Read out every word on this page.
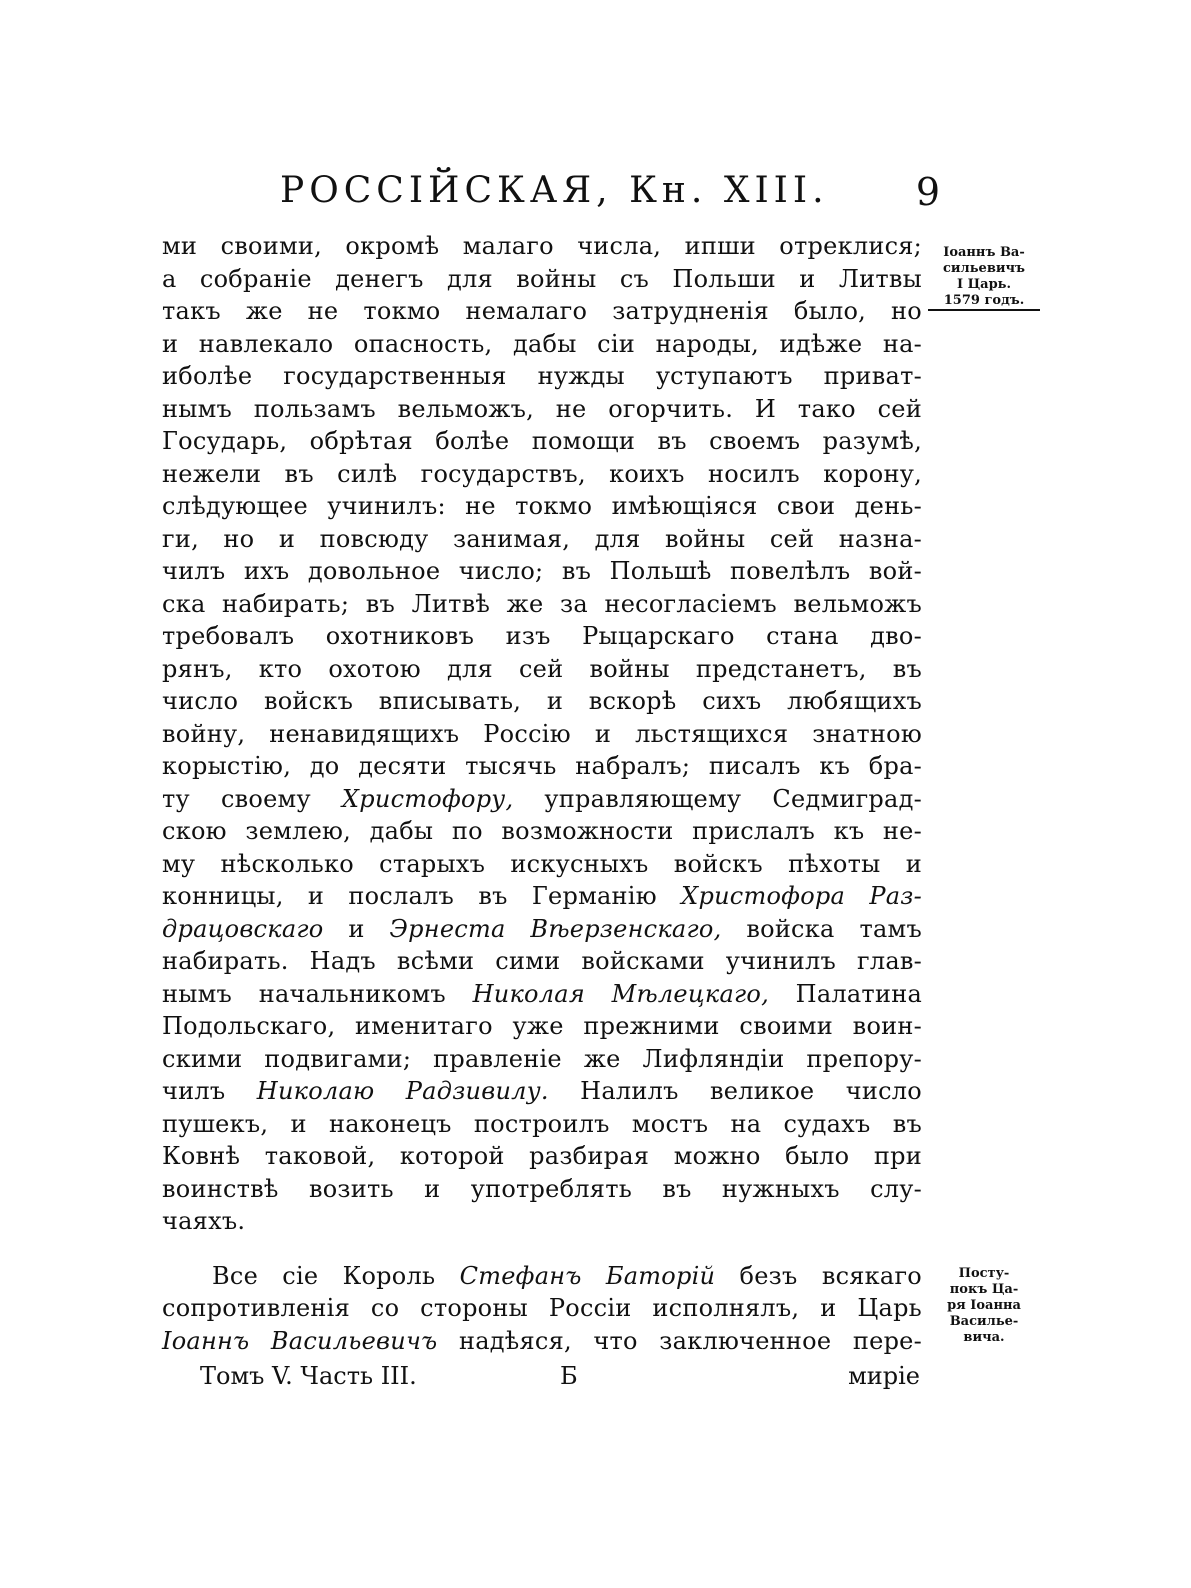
РОССІЙСКАЯ, Кн. XIII. 9
ми своими, окромѣ малаго числа, ипши отреклися;
а собраніе денегъ для войны съ Польши и Литвы
такъ же не токмо немалаго затрудненія было, но
и навлекало опасность, дабы сіи народы, идѣже на-
иболѣе государственныя нужды уступаютъ приват-
нымъ пользамъ вельможъ, не огорчить. И тако сей
Государь, обрѣтая болѣе помощи въ своемъ разумѣ,
нежели въ силѣ государствъ, коихъ носилъ корону,
слѣдующее учинилъ: не токмо имѣющіяся свои день-
ги, но и повсюду занимая, для войны сей назна-
чилъ ихъ довольное число; въ Польшѣ повелѣлъ вой-
ска набирать; въ Литвѣ же за несогласіемъ вельможъ
требовалъ охотниковъ изъ Рыцарскаго стана дво-
рянъ, кто охотою для сей войны предстанетъ, въ
число войскъ вписывать, и вскорѣ сихъ любящихъ
войну, ненавидящихъ Россію и льстящихся знатною
корыстію, до десяти тысячь набралъ; писалъ къ бра-
ту своему Христофору, управляющему Седмиград-
скою землею, дабы по возможности прислалъ къ не-
му нѣсколько старыхъ искусныхъ войскъ пѣхоты и
конницы, и послалъ въ Германію Христофора Раз-
драцовскаго и Эрнеста Вѣерзенскаго, войска тамъ
набирать. Надъ всѣми сими войсками учинилъ глав-
нымъ начальникомъ Николая Мѣлецкаго, Палатина
Подольскаго, именитаго уже прежними своими воин-
скими подвигами; правленіе же Лифляндіи препору-
чилъ Николаю Радзивилу. Налилъ великое число
пушекъ, и наконецъ построилъ мостъ на судахъ въ
Ковнѣ таковой, которой разбирая можно было при
воинствѣ возить и употреблять въ нужныхъ слу-
чаяхъ.
Все сіе Король Стефанъ Баторій безъ всякаго
сопротивленія со стороны Россіи исполнялъ, и Царь
Іоаннъ Васильевичъ надѣяся, что заключенное пере-
Іоаннъ Ва-
сильевичъ
I Царь.
1579 годъ.
Посту-
покъ Ца-
ря Іоанна
Василье-
вича.
Томъ V. Часть III.	Б	миріе
